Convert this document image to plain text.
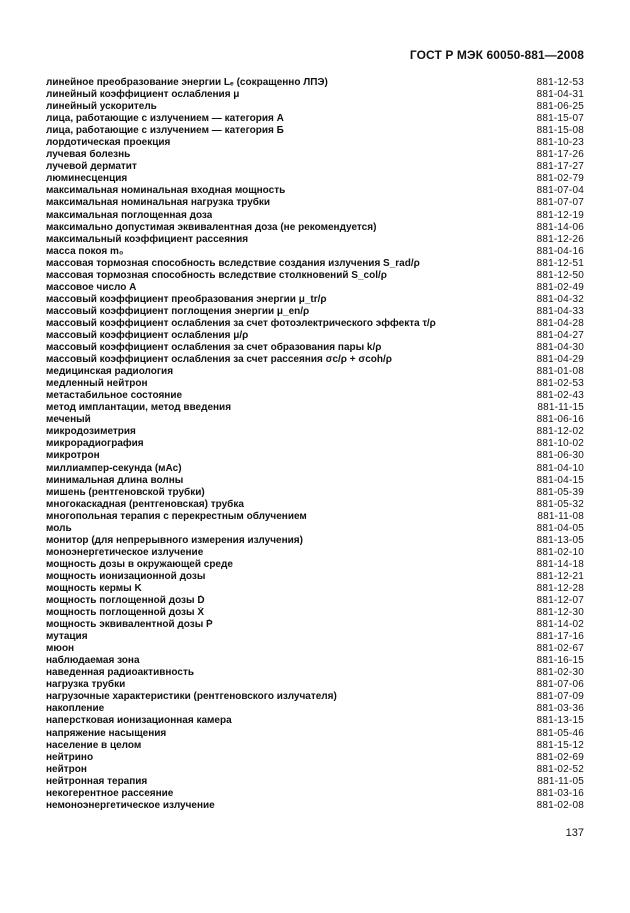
ГОСТ Р МЭК 60050-881—2008
линейное преобразование энергии Lₑ (сокращенно ЛПЭ)	881-12-53
линейный коэффициент ослабления μ	881-04-31
линейный ускоритель	881-06-25
лица, работающие с излучением — категория А	881-15-07
лица, работающие с излучением — категория Б	881-15-08
лордотическая проекция	881-10-23
лучевая болезнь	881-17-26
лучевой дерматит	881-17-27
люминесценция	881-02-79
максимальная номинальная входная мощность	881-07-04
максимальная номинальная нагрузка трубки	881-07-07
максимальная поглощенная доза	881-12-19
максимально допустимая эквивалентная доза (не рекомендуется)	881-14-06
максимальный коэффициент рассеяния	881-12-26
масса покоя m₀	881-04-16
массовая тормозная способность вследствие создания излучения S_rad/ρ	881-12-51
массовая тормозная способность вследствие столкновений S_col/ρ	881-12-50
массовое число A	881-02-49
массовый коэффициент преобразования энергии μ_tr/ρ	881-04-32
массовый коэффициент поглощения энергии μ_en/ρ	881-04-33
массовый коэффициент ослабления за счет фотоэлектрического эффекта τ/ρ	881-04-28
массовый коэффициент ослабления μ/ρ	881-04-27
массовый коэффициент ослабления за счет образования пары k/ρ	881-04-30
массовый коэффициент ослабления за счет рассеяния σc/ρ + σcoh/ρ	881-04-29
медицинская радиология	881-01-08
медленный нейтрон	881-02-53
метастабильное состояние	881-02-43
метод имплантации, метод введения	881-11-15
меченый	881-06-16
микродозиметрия	881-12-02
микрорадиография	881-10-02
микротрон	881-06-30
миллиампер-секунда (мАс)	881-04-10
минимальная длина волны	881-04-15
мишень (рентгеновской трубки)	881-05-39
многокаскадная (рентгеновская) трубка	881-05-32
многопольная терапия с перекрестным облучением	881-11-08
моль	881-04-05
монитор (для непрерывного измерения излучения)	881-13-05
моноэнергетическое излучение	881-02-10
мощность дозы в окружающей среде	881-14-18
мощность ионизационной дозы	881-12-21
мощность кермы K̇	881-12-28
мощность поглощенной дозы Ḋ	881-12-07
мощность поглощенной дозы Ẋ	881-12-30
мощность эквивалентной дозы Ṗ	881-14-02
мутация	881-17-16
мюон	881-02-67
наблюдаемая зона	881-16-15
наведенная радиоактивность	881-02-30
нагрузка трубки	881-07-06
нагрузочные характеристики (рентгеновского излучателя)	881-07-09
накопление	881-03-36
наперстковая ионизационная камера	881-13-15
напряжение насыщения	881-05-46
население в целом	881-15-12
нейтрино	881-02-69
нейтрон	881-02-52
нейтронная терапия	881-11-05
некогерентное рассеяние	881-03-16
немоноэнергетическое излучение	881-02-08
137
